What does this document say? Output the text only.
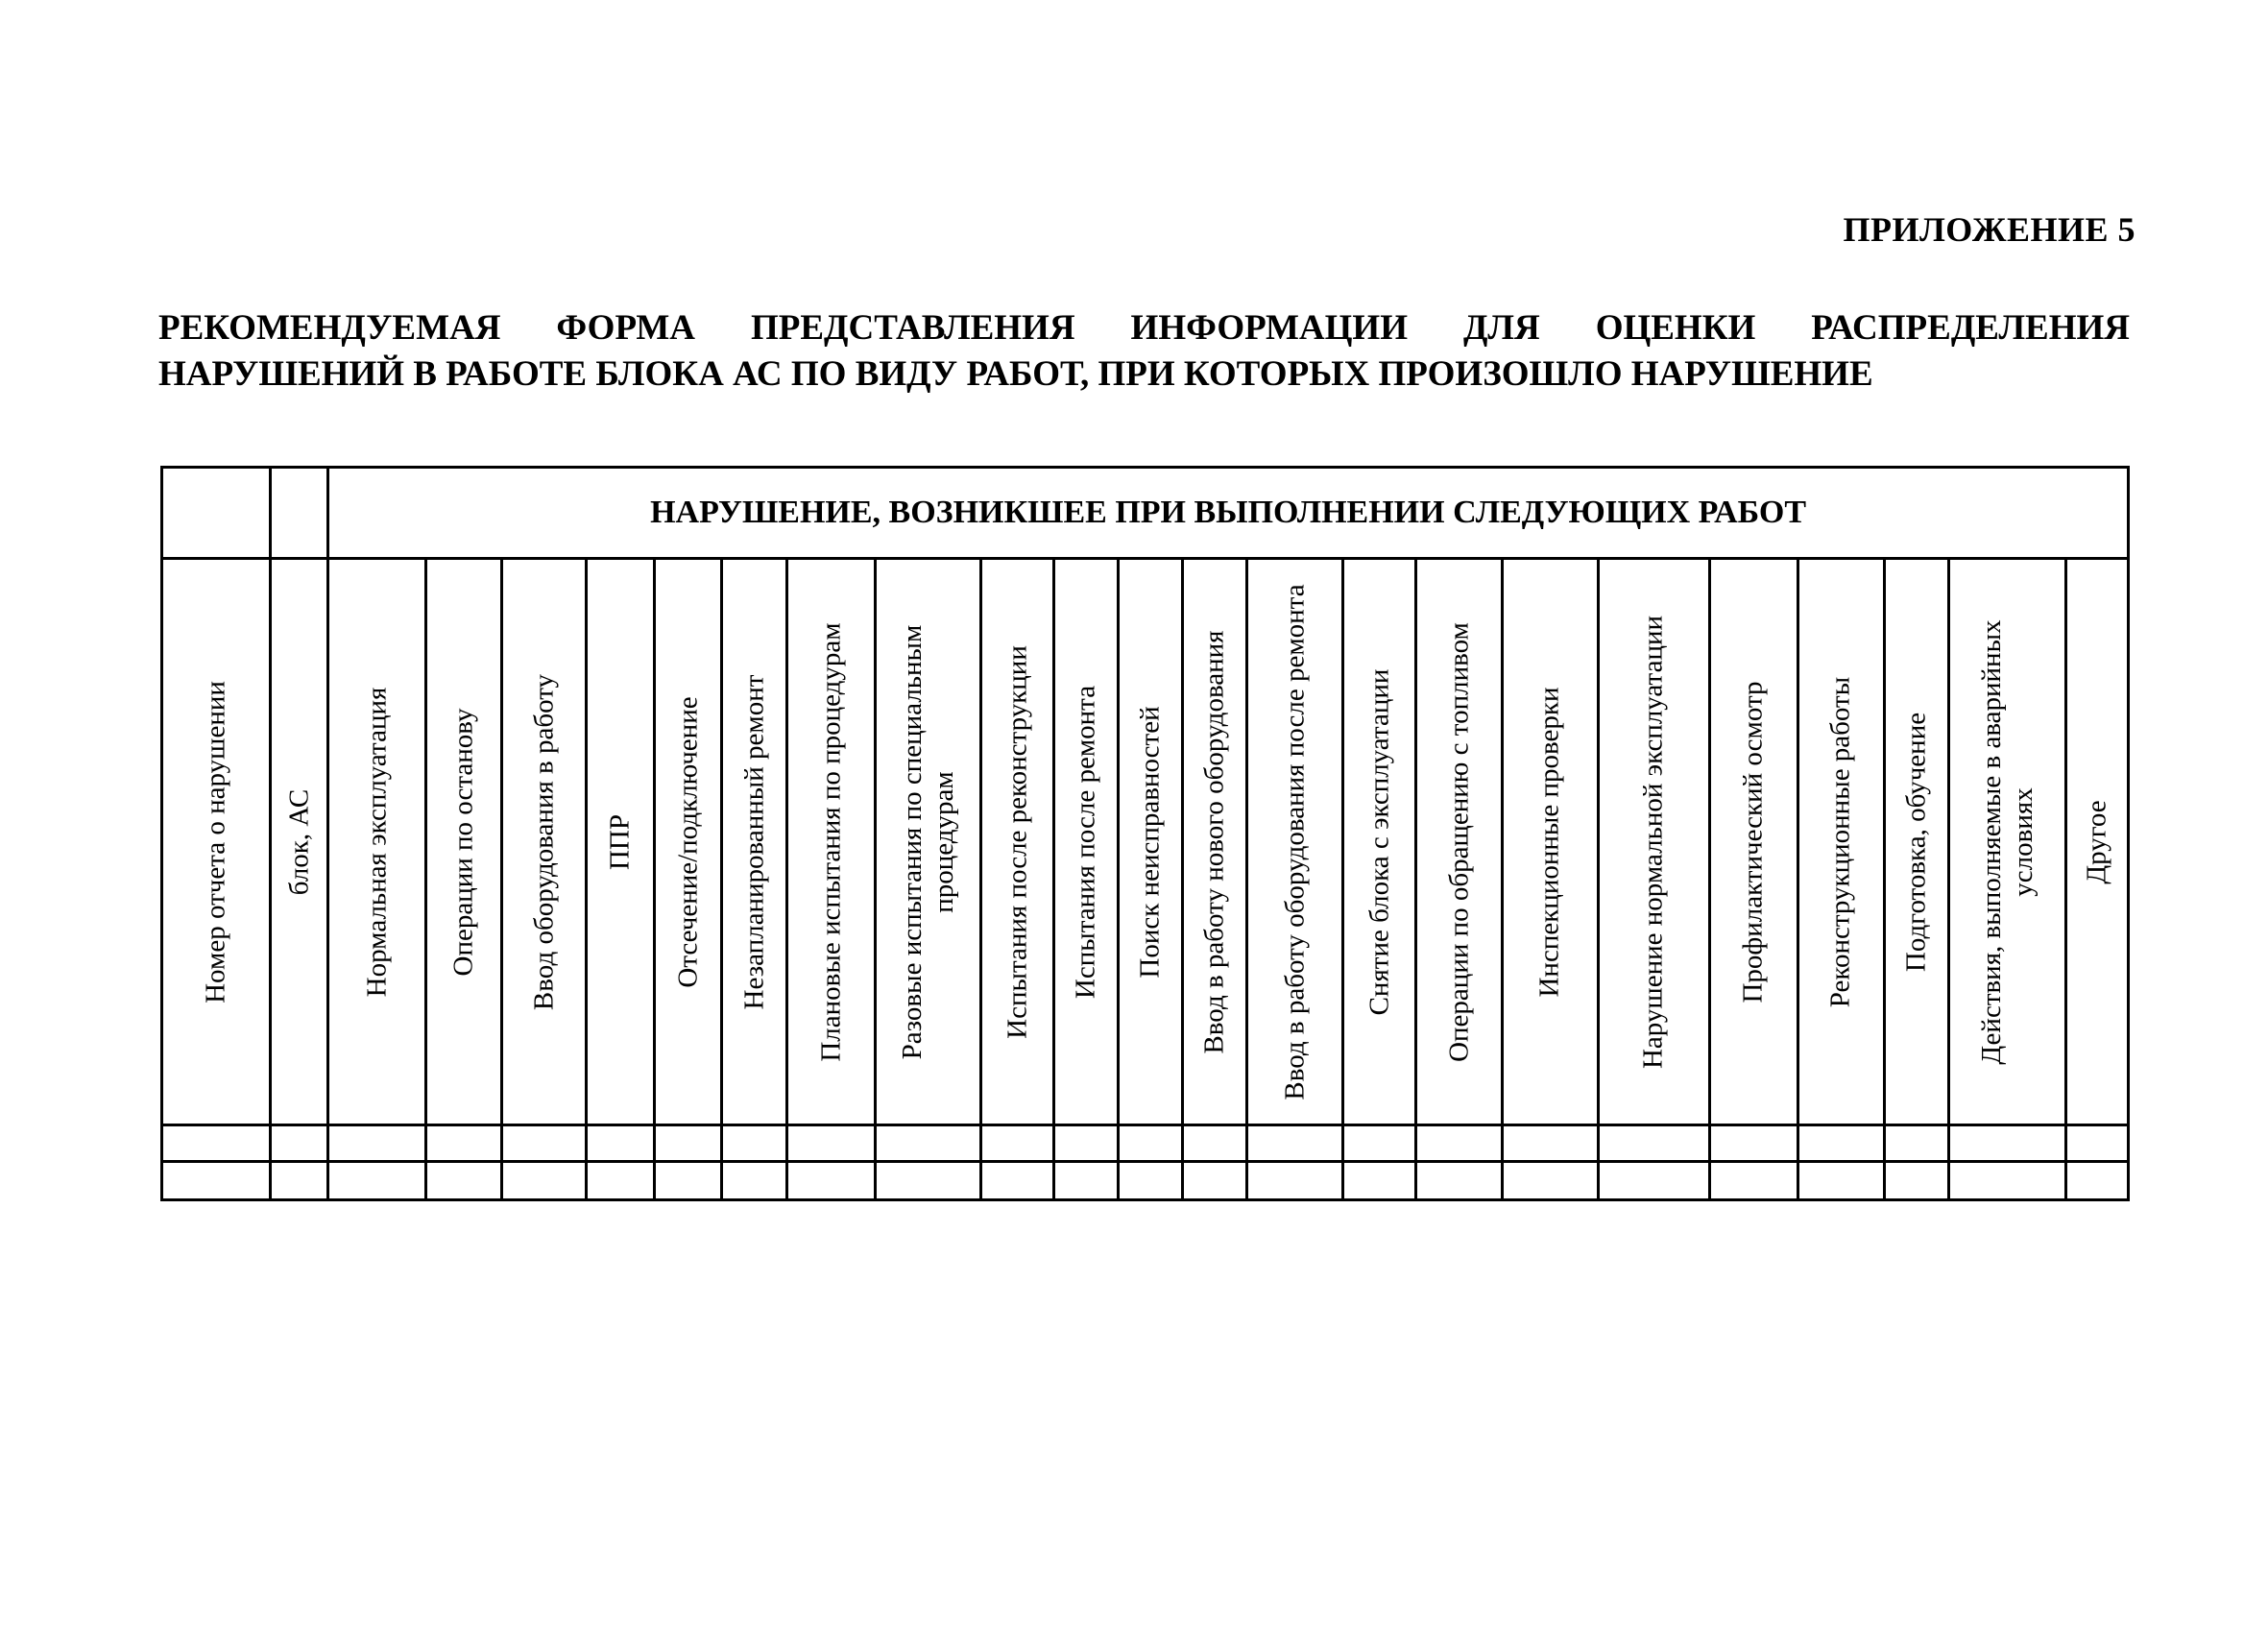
ПРИЛОЖЕНИЕ 5
РЕКОМЕНДУЕМАЯ ФОРМА ПРЕДСТАВЛЕНИЯ ИНФОРМАЦИИ ДЛЯ ОЦЕНКИ РАСПРЕДЕЛЕНИЯ
НАРУШЕНИЙ В РАБОТЕ БЛОКА АС ПО ВИДУ РАБОТ, ПРИ КОТОРЫХ ПРОИЗОШЛО НАРУШЕНИЕ
		НАРУШЕНИЕ, ВОЗНИКШЕЕ ПРИ ВЫПОЛНЕНИИ СЛЕДУЮЩИХ РАБОТ																					

Номер отчета о нарушении	блок, АС	Нормальная эксплуатация	Операции по останову	Ввод оборудования в работу	ППР	Отсечение/подключение	Незапланированный ремонт	Плановые испытания по процедурам	Разовые испытания по специальным процедурам	Испытания после реконструкции	Испытания после ремонта	Поиск неисправностей	Ввод в работу нового оборудования	Ввод в работу оборудования после ремонта	Снятие блока с эксплуатации	Операции по обращению с топливом	Инспекционные проверки	Нарушение нормальной эксплуатации	Профилактический осмотр	Реконструкционные работы	Подготовка, обучение	Действия, выполняемые в аварийных условиях	Другое
